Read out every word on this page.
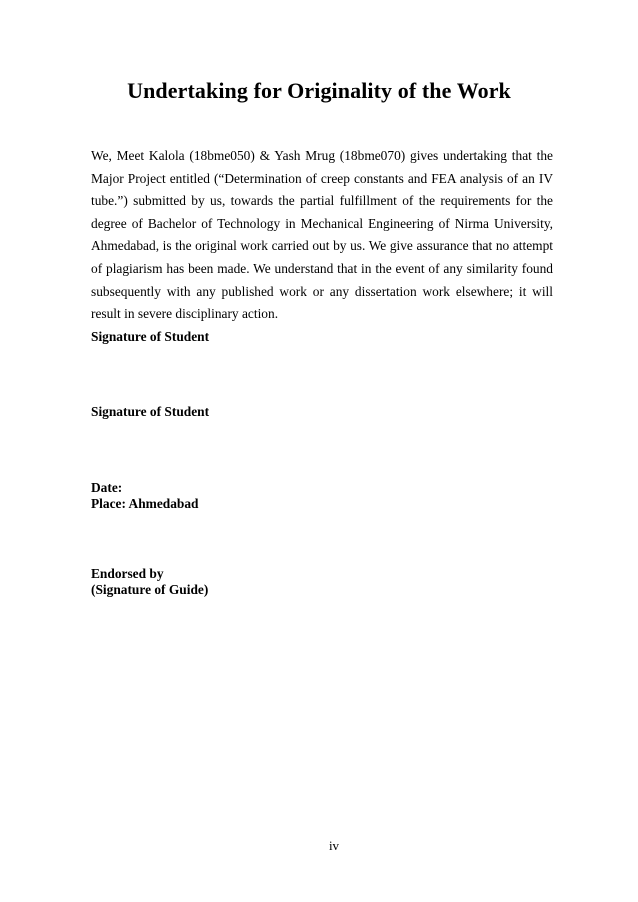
Undertaking for Originality of the Work

We, Meet Kalola (18bme050) & Yash Mrug (18bme070) gives undertaking that the Major Project entitled (“Determination of creep constants and FEA analysis of an IV tube.”) submitted by us, towards the partial fulfillment of the requirements for the degree of Bachelor of Technology in Mechanical Engineering of Nirma University, Ahmedabad, is the original work carried out by us. We give assurance that no attempt of plagiarism has been made. We understand that in the event of any similarity found subsequently with any published work or any dissertation work elsewhere; it will result in severe disciplinary action.

Signature of Student
Signature of Student
Date:
Place: Ahmedabad
Endorsed by
(Signature of Guide)
iv
